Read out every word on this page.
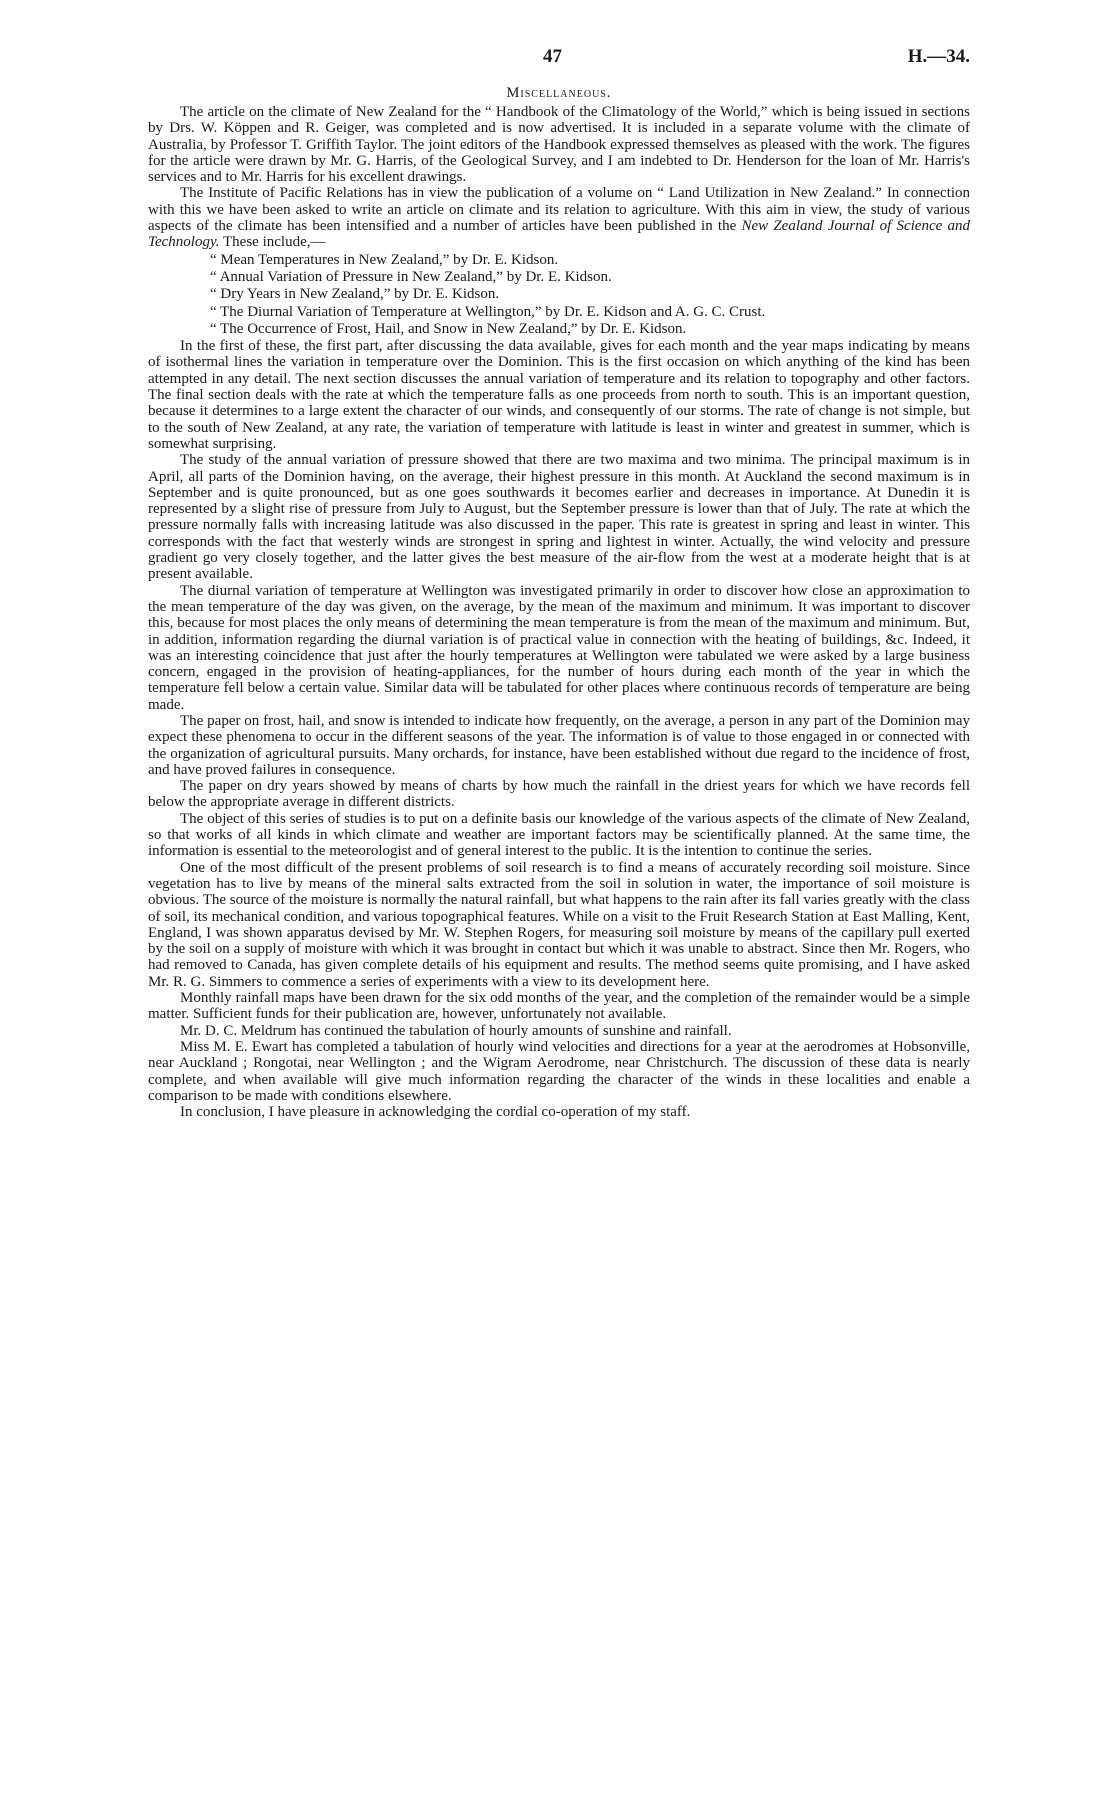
47	H.—34.
Miscellaneous.

The article on the climate of New Zealand for the “ Handbook of the Climatology of the World,” which is being issued in sections by Drs. W. Köppen and R. Geiger, was completed and is now advertised. It is included in a separate volume with the climate of Australia, by Professor T. Griffith Taylor. The joint editors of the Handbook expressed themselves as pleased with the work. The figures for the article were drawn by Mr. G. Harris, of the Geological Survey, and I am indebted to Dr. Henderson for the loan of Mr. Harris's services and to Mr. Harris for his excellent drawings.

The Institute of Pacific Relations has in view the publication of a volume on “ Land Utilization in New Zealand.” In connection with this we have been asked to write an article on climate and its relation to agriculture. With this aim in view, the study of various aspects of the climate has been intensified and a number of articles have been published in the New Zealand Journal of Science and Technology. These include,—

“ Mean Temperatures in New Zealand,” by Dr. E. Kidson.
“ Annual Variation of Pressure in New Zealand,” by Dr. E. Kidson.
“ Dry Years in New Zealand,” by Dr. E. Kidson.
“ The Diurnal Variation of Temperature at Wellington,” by Dr. E. Kidson and A. G. C. Crust.
“ The Occurrence of Frost, Hail, and Snow in New Zealand,” by Dr. E. Kidson.

In the first of these, the first part, after discussing the data available, gives for each month and the year maps indicating by means of isothermal lines the variation in temperature over the Dominion. This is the first occasion on which anything of the kind has been attempted in any detail. The next section discusses the annual variation of temperature and its relation to topography and other factors. The final section deals with the rate at which the temperature falls as one proceeds from north to south. This is an important question, because it determines to a large extent the character of our winds, and consequently of our storms. The rate of change is not simple, but to the south of New Zealand, at any rate, the variation of temperature with latitude is least in winter and greatest in summer, which is somewhat surprising.

The study of the annual variation of pressure showed that there are two maxima and two minima. The principal maximum is in April, all parts of the Dominion having, on the average, their highest pressure in this month. At Auckland the second maximum is in September and is quite pronounced, but as one goes southwards it becomes earlier and decreases in importance. At Dunedin it is represented by a slight rise of pressure from July to August, but the September pressure is lower than that of July. The rate at which the pressure normally falls with increasing latitude was also discussed in the paper. This rate is greatest in spring and least in winter. This corresponds with the fact that westerly winds are strongest in spring and lightest in winter. Actually, the wind velocity and pressure gradient go very closely together, and the latter gives the best measure of the air-flow from the west at a moderate height that is at present available.

The diurnal variation of temperature at Wellington was investigated primarily in order to discover how close an approximation to the mean temperature of the day was given, on the average, by the mean of the maximum and minimum. It was important to discover this, because for most places the only means of determining the mean temperature is from the mean of the maximum and minimum. But, in addition, information regarding the diurnal variation is of practical value in connection with the heating of buildings, &c. Indeed, it was an interesting coincidence that just after the hourly temperatures at Wellington were tabulated we were asked by a large business concern, engaged in the provision of heating-appliances, for the number of hours during each month of the year in which the temperature fell below a certain value. Similar data will be tabulated for other places where continuous records of temperature are being made.

The paper on frost, hail, and snow is intended to indicate how frequently, on the average, a person in any part of the Dominion may expect these phenomena to occur in the different seasons of the year. The information is of value to those engaged in or connected with the organization of agricultural pursuits. Many orchards, for instance, have been established without due regard to the incidence of frost, and have proved failures in consequence.

The paper on dry years showed by means of charts by how much the rainfall in the driest years for which we have records fell below the appropriate average in different districts.

The object of this series of studies is to put on a definite basis our knowledge of the various aspects of the climate of New Zealand, so that works of all kinds in which climate and weather are important factors may be scientifically planned. At the same time, the information is essential to the meteorologist and of general interest to the public. It is the intention to continue the series.

One of the most difficult of the present problems of soil research is to find a means of accurately recording soil moisture. Since vegetation has to live by means of the mineral salts extracted from the soil in solution in water, the importance of soil moisture is obvious. The source of the moisture is normally the natural rainfall, but what happens to the rain after its fall varies greatly with the class of soil, its mechanical condition, and various topographical features. While on a visit to the Fruit Research Station at East Malling, Kent, England, I was shown apparatus devised by Mr. W. Stephen Rogers, for measuring soil moisture by means of the capillary pull exerted by the soil on a supply of moisture with which it was brought in contact but which it was unable to abstract. Since then Mr. Rogers, who had removed to Canada, has given complete details of his equipment and results. The method seems quite promising, and I have asked Mr. R. G. Simmers to commence a series of experiments with a view to its development here.

Monthly rainfall maps have been drawn for the six odd months of the year, and the completion of the remainder would be a simple matter. Sufficient funds for their publication are, however, unfortunately not available.

Mr. D. C. Meldrum has continued the tabulation of hourly amounts of sunshine and rainfall.

Miss M. E. Ewart has completed a tabulation of hourly wind velocities and directions for a year at the aerodromes at Hobsonville, near Auckland ; Rongotai, near Wellington ; and the Wigram Aerodrome, near Christchurch. The discussion of these data is nearly complete, and when available will give much information regarding the character of the winds in these localities and enable a comparison to be made with conditions elsewhere.

In conclusion, I have pleasure in acknowledging the cordial co-operation of my staff.
